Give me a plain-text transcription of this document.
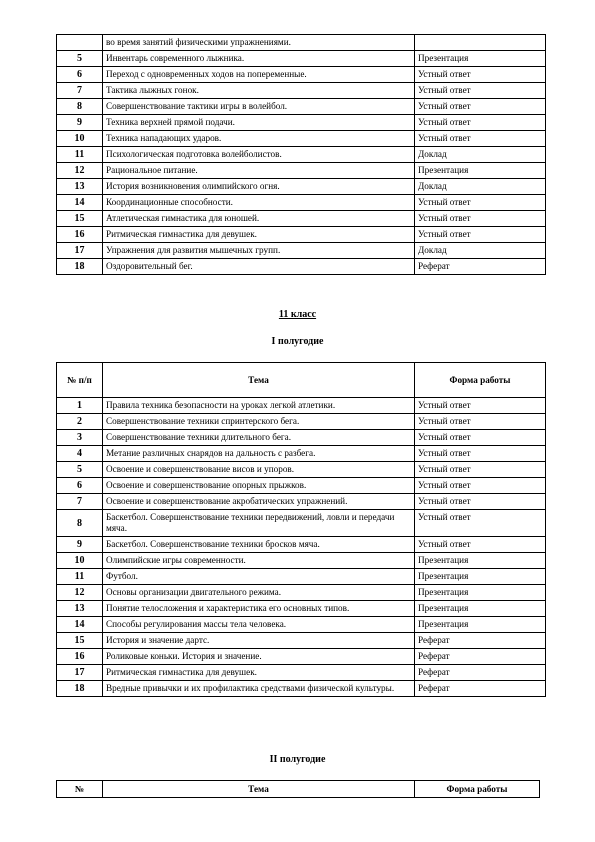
	во время занятий физическими упражнениями.	
5	Инвентарь современного лыжника.	Презентация
6	Переход с одновременных ходов на попеременные.	Устный ответ
7	Тактика лыжных гонок.	Устный ответ
8	Совершенствование тактики игры в волейбол.	Устный ответ
9	Техника верхней прямой подачи.	Устный ответ
10	Техника нападающих ударов.	Устный ответ
11	Психологическая подготовка волейболистов.	Доклад
12	Рациональное питание.	Презентация
13	История возникновения олимпийского огня.	Доклад
14	Координационные способности.	Устный ответ
15	Атлетическая гимнастика для юношей.	Устный ответ
16	Ритмическая гимнастика для девушек.	Устный ответ
17	Упражнения для развития мышечных групп.	Доклад
18	Оздоровительный бег.	Реферат
11 класс
I полугодие
№ п/п	Тема	Форма работы
1	Правила техника безопасности на уроках легкой атлетики.	Устный ответ
2	Совершенствование техники спринтерского бега.	Устный ответ
3	Совершенствование техники длительного бега.	Устный ответ
4	Метание различных снарядов на дальность с разбега.	Устный ответ
5	Освоение и совершенствование висов и упоров.	Устный ответ
6	Освоение и совершенствование опорных прыжков.	Устный ответ
7	Освоение и совершенствование акробатических упражнений.	Устный ответ
8	Баскетбол. Совершенствование техники передвижений, ловли и передачи мяча.	Устный ответ
9	Баскетбол. Совершенствование техники бросков мяча.	Устный ответ
10	Олимпийские игры современности.	Презентация
11	Футбол.	Презентация
12	Основы организации двигательного режима.	Презентация
13	Понятие телосложения и характеристика его основных типов.	Презентация
14	Способы регулирования массы тела человека.	Презентация
15	История и значение дартс.	Реферат
16	Роликовые коньки. История и значение.	Реферат
17	Ритмическая гимнастика для девушек.	Реферат
18	Вредные привычки и их профилактика средствами физической культуры.	Реферат
II полугодие
№	Тема	Форма работы
